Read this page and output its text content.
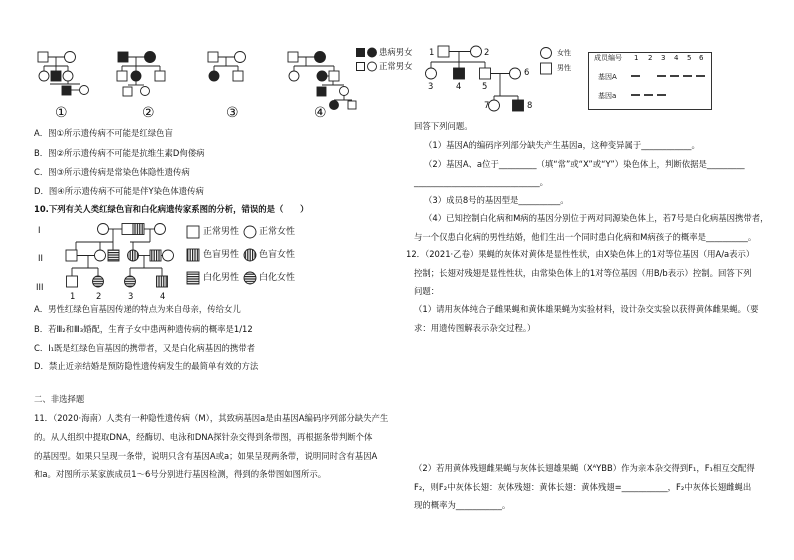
①	②	③	④
患病男女
正常男女
A．图①所示遗传病不可能是红绿色盲
B．图②所示遗传病不可能是抗维生素D佝偻病
C．图③所示遗传病是常染色体隐性遗传病
D．图④所示遗传病不可能是伴Y染色体遗传病
10.下列有关人类红绿色盲和白化病遗传家系图的分析，错误的是（　　）
I
II
III
1 2	3	4
正常男性 正常女性
色盲男性 色盲女性
白化男性 白化女性
A．男性红绿色盲基因传递的特点为来自母亲，传给女儿
B．若Ⅲ₂和Ⅲ₃婚配，生育子女中患两种遗传病的概率是1/12
C．Ⅰ₁既是红绿色盲基因的携带者，又是白化病基因的携带者
D．禁止近亲结婚是预防隐性遗传病发生的最简单有效的方法
二、非选择题
11．（2020·海南）人类有一种隐性遗传病（M），其致病基因a是由基因A编码序列部分缺失产生
的。从人组织中提取DNA，经酶切、电泳和DNA探针杂交得到条带图，再根据条带判断个体
的基因型。如果只呈现一条带，说明只含有基因A或a；如果呈现两条带，说明同时含有基因A
和a。对图所示某家族成员1～6号分别进行基因检测，得到的条带图如图所示。
1	2
3	4 5
6
7	8
女性
男性
成员编号 1 2 3 4 5 6
基因A
基因a
回答下列问题。
（1）基因A的编码序列部分缺失产生基因a，这种变异属于____________。
（2）基因A、a位于_________（填“常”或“X”或“Y”）染色体上，判断依据是_________
______________________________。
（3）成员8号的基因型是__________。
（4）已知控制白化病和M病的基因分别位于两对同源染色体上，若7号是白化病基因携带者，
与一个仅患白化病的男性结婚，他们生出一个同时患白化病和M病孩子的概率是__________。
12．（2021·乙卷）果蝇的灰体对黄体是显性性状，由X染色体上的1对等位基因（用A/a表示）
控制；长翅对残翅是显性性状，由常染色体上的1对等位基因（用B/b表示）控制。回答下列
问题：
（1）请用灰体纯合子雌果蝇和黄体雄果蝇为实验材料，设计杂交实验以获得黄体雌果蝇。（要
求：用遗传图解表示杂交过程。）
（2）若用黄体残翅雌果蝇与灰体长翅雄果蝇（XᴬYBB）作为亲本杂交得到F₁，F₁相互交配得
F₂，则F₂中灰体长翅：灰体残翅：黄体长翅：黄体残翅=___________，F₂中灰体长翅雌蝇出
现的概率为___________。
